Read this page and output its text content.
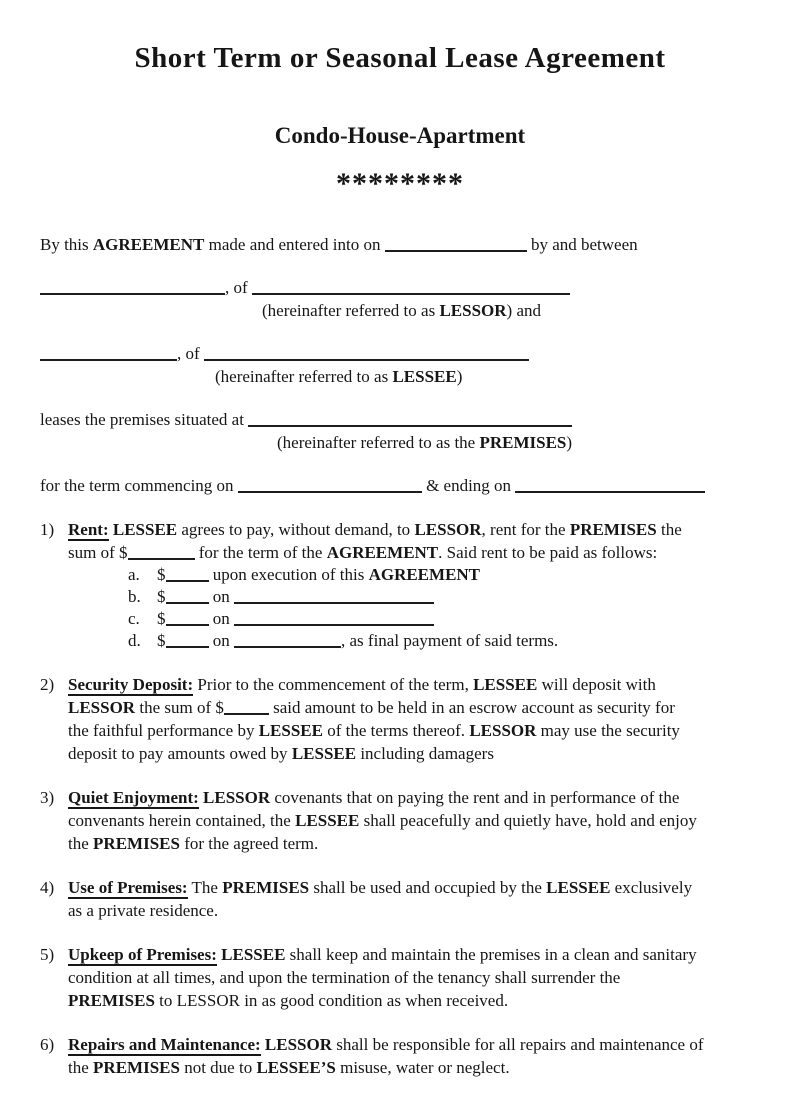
Short Term or Seasonal Lease Agreement
Condo-House-Apartment
********
By this AGREEMENT made and entered into on	by and between
, of
(hereinafter referred to as LESSOR) and
, of
(hereinafter referred to as LESSEE)
leases the premises situated at
(hereinafter referred to as the PREMISES)
for the term commencing on	& ending on
1) Rent: LESSEE agrees to pay, without demand, to LESSOR, rent for the PREMISES the
sum of $	for the term of the AGREEMENT. Said rent to be paid as follows:
a.	$	upon execution of this AGREEMENT
b. $	on
c.	$	on
d. $	on	, as final payment of said terms.
2) Security Deposit: Prior to the commencement of the term, LESSEE will deposit with
LESSOR the sum of $	said amount to be held in an escrow account as security for
the faithful performance by LESSEE of the terms thereof. LESSOR may use the security
deposit to pay amounts owed by LESSEE including damagers
3) Quiet Enjoyment: LESSOR covenants that on paying the rent and in performance of the
convenants herein contained, the LESSEE shall peacefully and quietly have, hold and enjoy
the PREMISES for the agreed term.
4) Use of Premises: The PREMISES shall be used and occupied by the LESSEE exclusively
as a private residence.
5) Upkeep of Premises: LESSEE shall keep and maintain the premises in a clean and sanitary
condition at all times, and upon the termination of the tenancy shall surrender the
PREMISES to LESSOR in as good condition as when received.
6) Repairs and Maintenance: LESSOR shall be responsible for all repairs and maintenance of
the PREMISES not due to LESSEE’S misuse, water or neglect.
